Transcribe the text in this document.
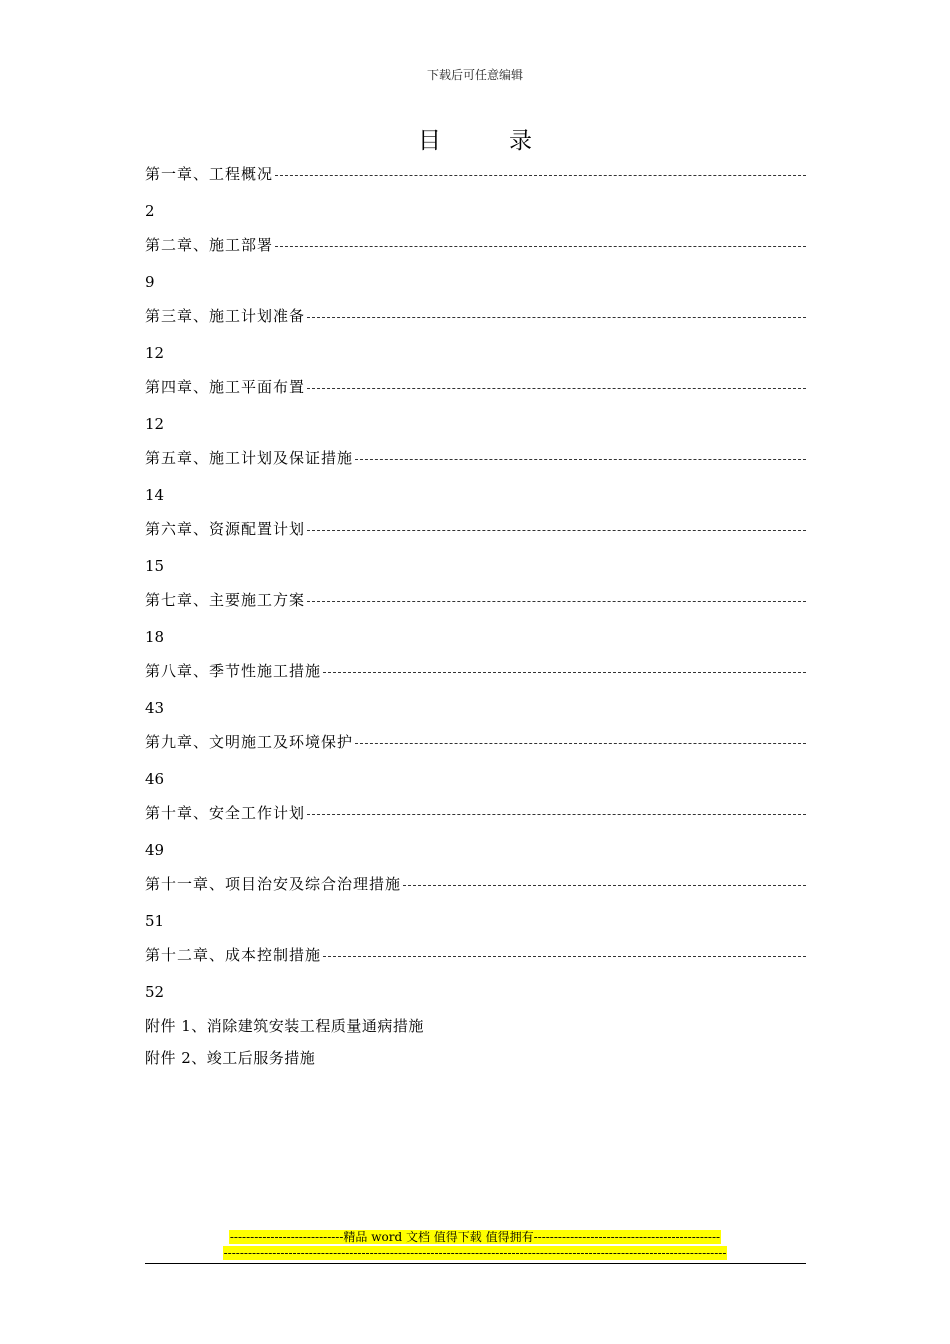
下载后可任意编辑
目	录
第一章、工程概况
2
第二章、施工部署
9
第三章、施工计划准备
12
第四章、施工平面布置
12
第五章、施工计划及保证措施
14
第六章、资源配置计划
15
第七章、主要施工方案
18
第八章、季节性施工措施
43
第九章、文明施工及环境保护
46
第十章、安全工作计划
49
第十一章、项目治安及综合治理措施
51
第十二章、成本控制措施
52
附件 1、消除建筑安装工程质量通病措施
附件 2、竣工后服务措施
----------------------------精品 word 文档 值得下载 值得拥有----------------------------------------------
----------------------------------------------------------------------------------------------------------------------------
